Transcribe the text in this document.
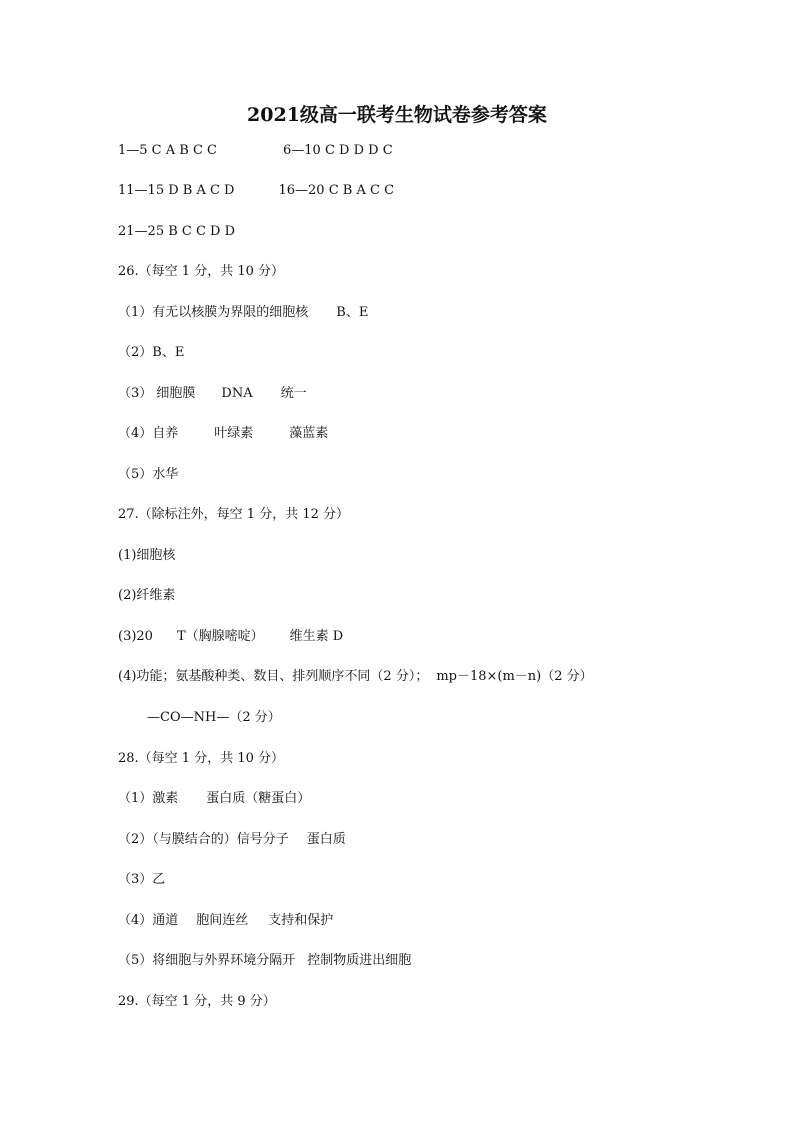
2021级高一联考生物试卷参考答案
1—5 C A B C C	6—10 C D D D C
11—15 D B A C D	16—20 C B A C C
21—25 B C C D D
26.（每空 1 分，共 10 分）
（1）有无以核膜为界限的细胞核 B、E
（2）B、E
（3） 细胞膜 DNA 统一
（4）自养	叶绿素	藻蓝素
（5）水华
27.（除标注外，每空 1 分，共 12 分）
(1)细胞核
(2)纤维素
(3)20 T（胸腺嘧啶） 维生素 D
(4)功能；氨基酸种类、数目、排列顺序不同（2 分）； mp－18×(m－n)（2 分）
—CO—NH—（2 分）
28.（每空 1 分，共 10 分）
（1）激素 蛋白质（糖蛋白）
（2）（与膜结合的）信号分子 蛋白质
（3）乙
（4）通道 胞间连丝 支持和保护
（5）将细胞与外界环境分隔开 控制物质进出细胞
29.（每空 1 分，共 9 分）
